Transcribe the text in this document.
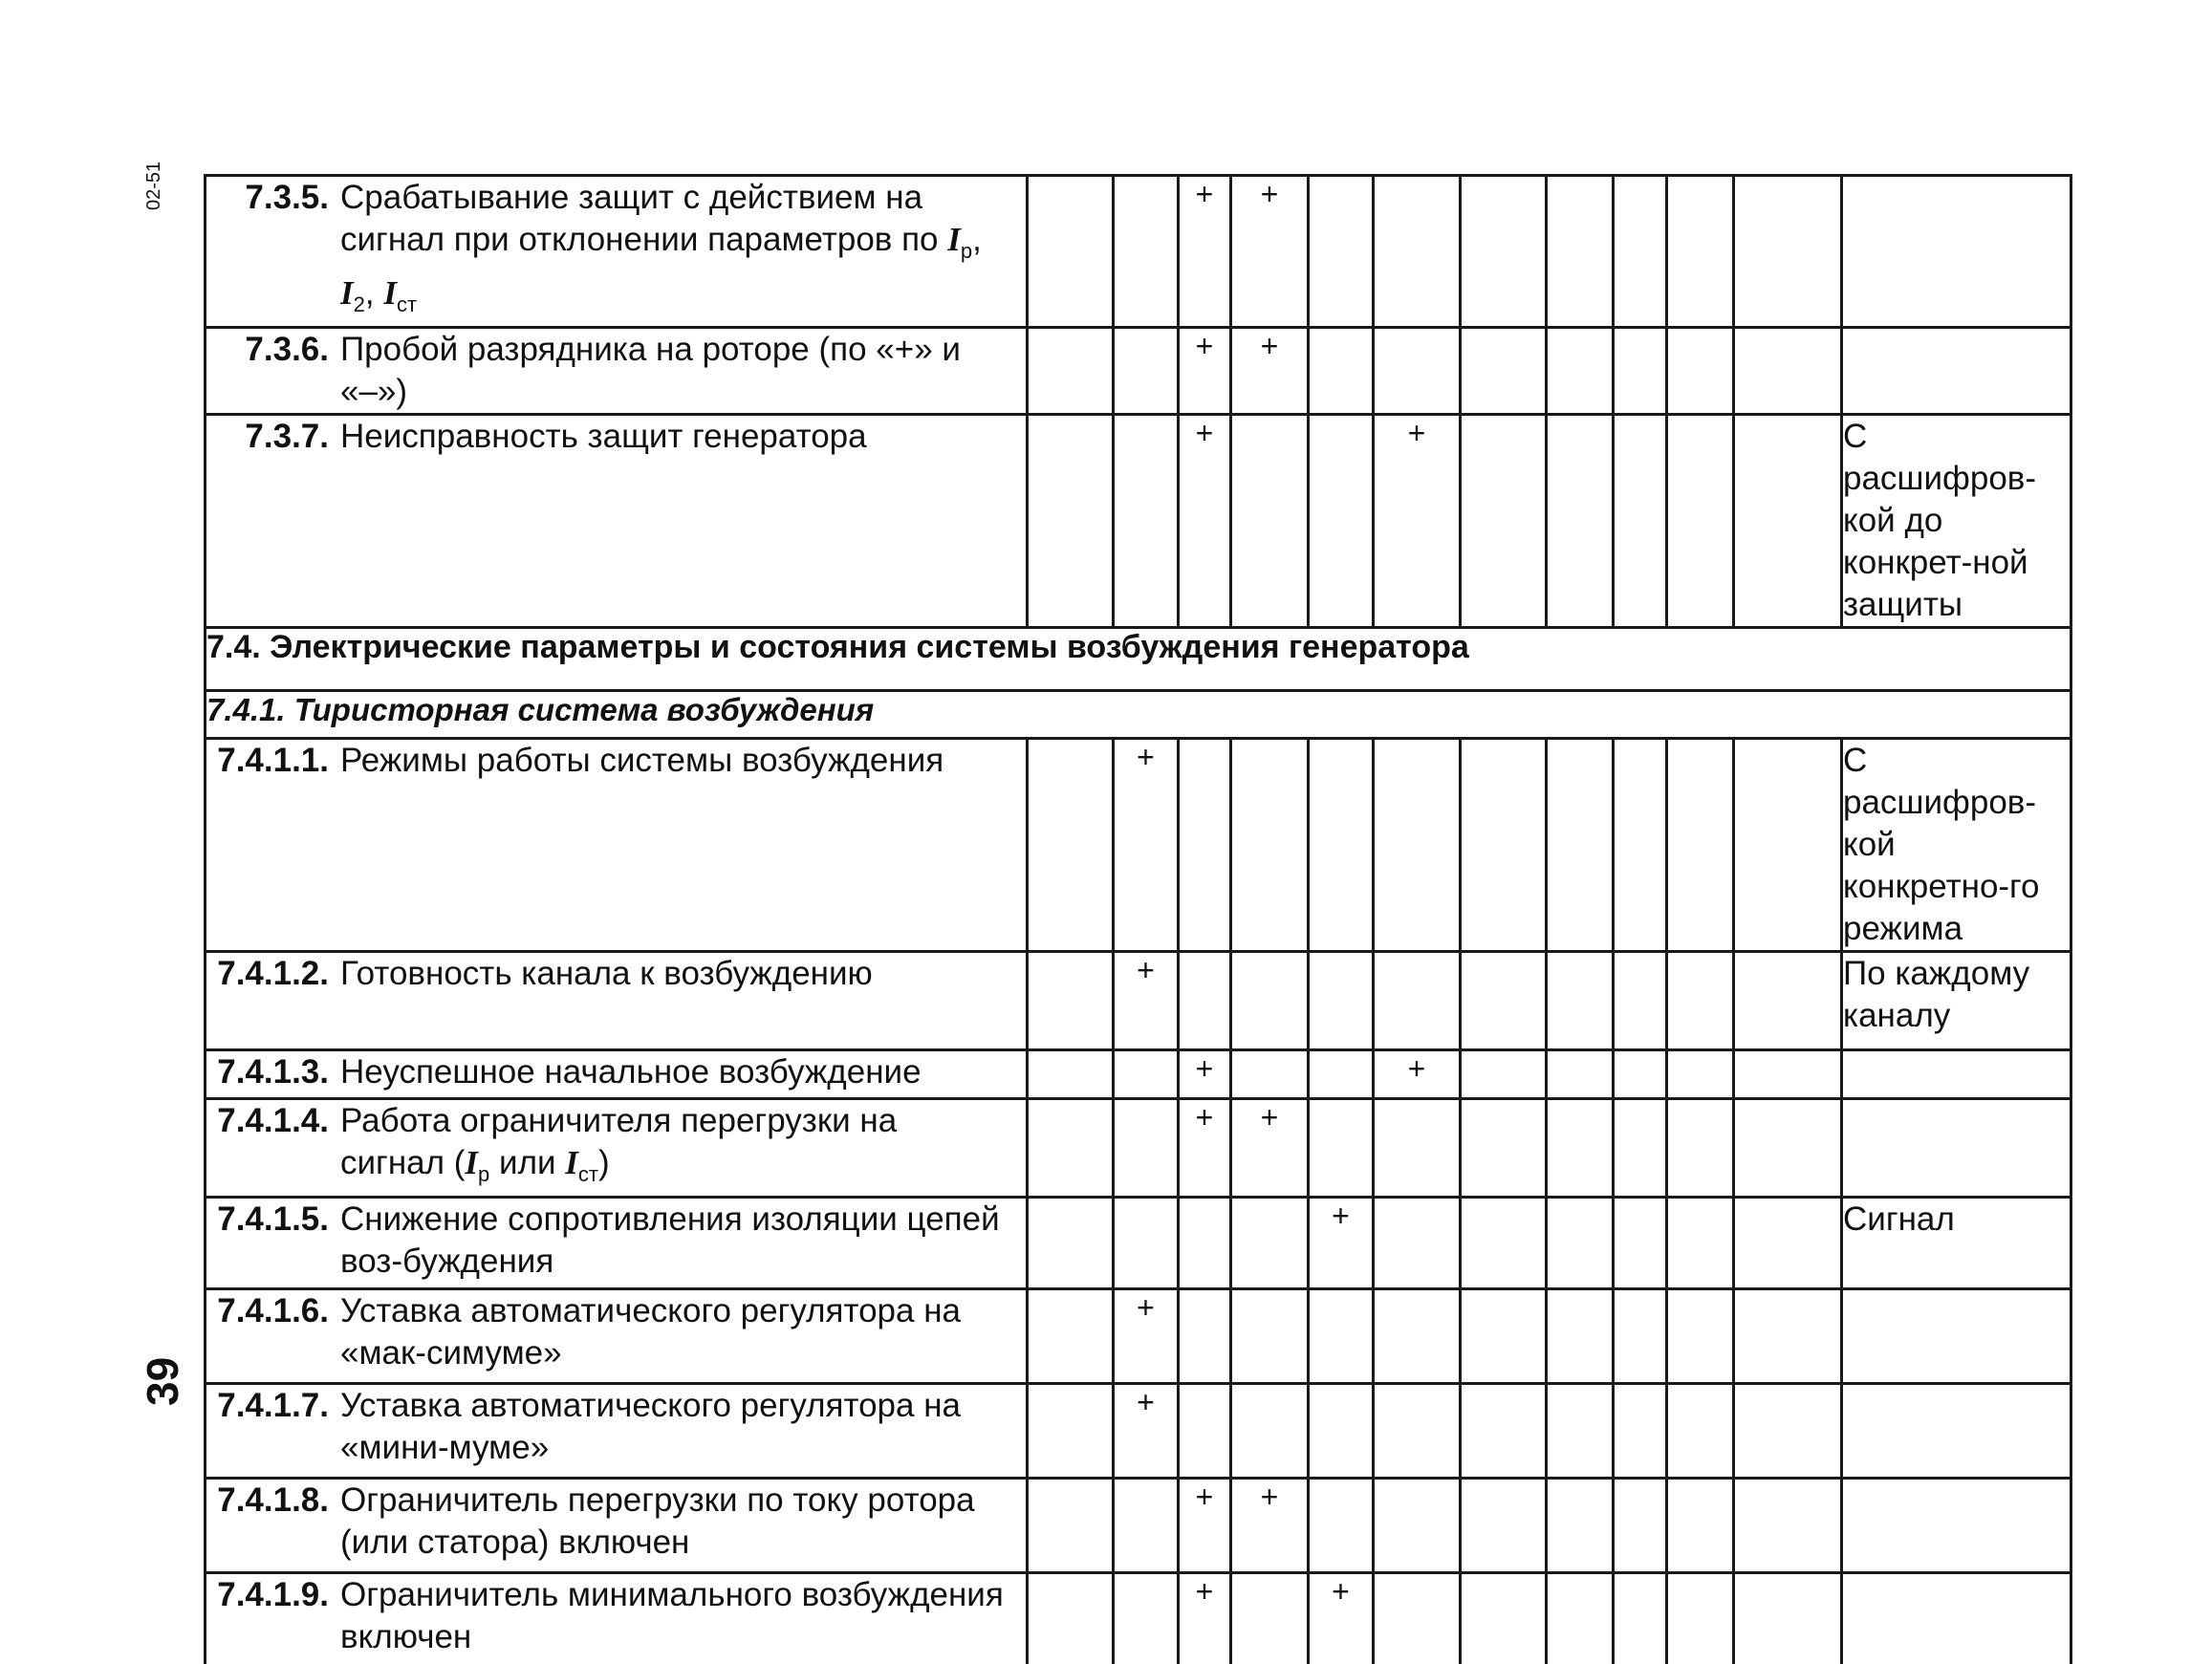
02-51
39
7.3.5. Срабатывание защит с действием на сигнал при отклонении параметров по $I_р$, $I_2$, $I_{ст}$			+	+								
7.3.6. Пробой разрядника на роторе (по «+» и «–»)			+	+								
7.3.7. Неисправность защит генератора			+			+						С расшифров-кой до конкрет-ной защиты
7.4. Электрические параметры и состояния системы возбуждения генератора												
7.4.1. Тиристорная система возбуждения												
7.4.1.1. Режимы работы системы возбуждения		+										С расшифров-кой конкретно-го режима
7.4.1.2. Готовность канала к возбуждению		+										По каждому каналу
7.4.1.3. Неуспешное начальное возбуждение			+			+						
7.4.1.4. Работа ограничителя перегрузки на сигнал ($I_р$ или $I_{ст}$)			+	+								
7.4.1.5. Снижение сопротивления изоляции цепей воз-буждения					+							Сигнал
7.4.1.6. Уставка автоматического регулятора на «мак-симуме»		+										
7.4.1.7. Уставка автоматического регулятора на «мини-муме»		+										
7.4.1.8. Ограничитель перегрузки по току ротора (или статора) включен			+	+								
7.4.1.9. Ограничитель минимального возбуждения включен			+		+							
